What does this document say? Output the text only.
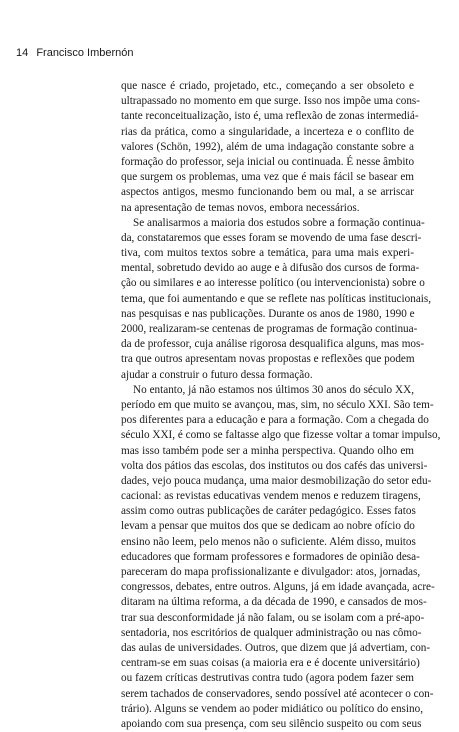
14 Francisco Imbernón
que nasce é criado, projetado, etc., começando a ser obsoleto e
ultrapassado no momento em que surge. Isso nos impõe uma cons-
tante reconceitualização, isto é, uma reflexão de zonas intermediá-
rias da prática, como a singularidade, a incerteza e o conflito de
valores (Schön, 1992), além de uma indagação constante sobre a
formação do professor, seja inicial ou continuada. É nesse âmbito
que surgem os problemas, uma vez que é mais fácil se basear em
aspectos antigos, mesmo funcionando bem ou mal, a se arriscar
na apresentação de temas novos, embora necessários.
Se analisarmos a maioria dos estudos sobre a formação continua-
da, constataremos que esses foram se movendo de uma fase descri-
tiva, com muitos textos sobre a temática, para uma mais experi-
mental, sobretudo devido ao auge e à difusão dos cursos de forma-
ção ou similares e ao interesse político (ou intervencionista) sobre o
tema, que foi aumentando e que se reflete nas políticas institucionais,
nas pesquisas e nas publicações. Durante os anos de 1980, 1990 e
2000, realizaram-se centenas de programas de formação continua-
da de professor, cuja análise rigorosa desqualifica alguns, mas mos-
tra que outros apresentam novas propostas e reflexões que podem
ajudar a construir o futuro dessa formação.
No entanto, já não estamos nos últimos 30 anos do século XX,
período em que muito se avançou, mas, sim, no século XXI. São tem-
pos diferentes para a educação e para a formação. Com a chegada do
século XXI, é como se faltasse algo que fizesse voltar a tomar impulso,
mas isso também pode ser a minha perspectiva. Quando olho em
volta dos pátios das escolas, dos institutos ou dos cafés das universi-
dades, vejo pouca mudança, uma maior desmobilização do setor edu-
cacional: as revistas educativas vendem menos e reduzem tiragens,
assim como outras publicações de caráter pedagógico. Esses fatos
levam a pensar que muitos dos que se dedicam ao nobre ofício do
ensino não leem, pelo menos não o suficiente. Além disso, muitos
educadores que formam professores e formadores de opinião desa-
pareceram do mapa profissionalizante e divulgador: atos, jornadas,
congressos, debates, entre outros. Alguns, já em idade avançada, acre-
ditaram na última reforma, a da década de 1990, e cansados de mos-
trar sua desconformidade já não falam, ou se isolam com a pré-apo-
sentadoria, nos escritórios de qualquer administração ou nas cômo-
das aulas de universidades. Outros, que dizem que já advertiam, con-
centram-se em suas coisas (a maioria era e é docente universitário)
ou fazem críticas destrutivas contra tudo (agora podem fazer sem
serem tachados de conservadores, sendo possível até acontecer o con-
trário). Alguns se vendem ao poder midiático ou político do ensino,
apoiando com sua presença, com seu silêncio suspeito ou com seus
